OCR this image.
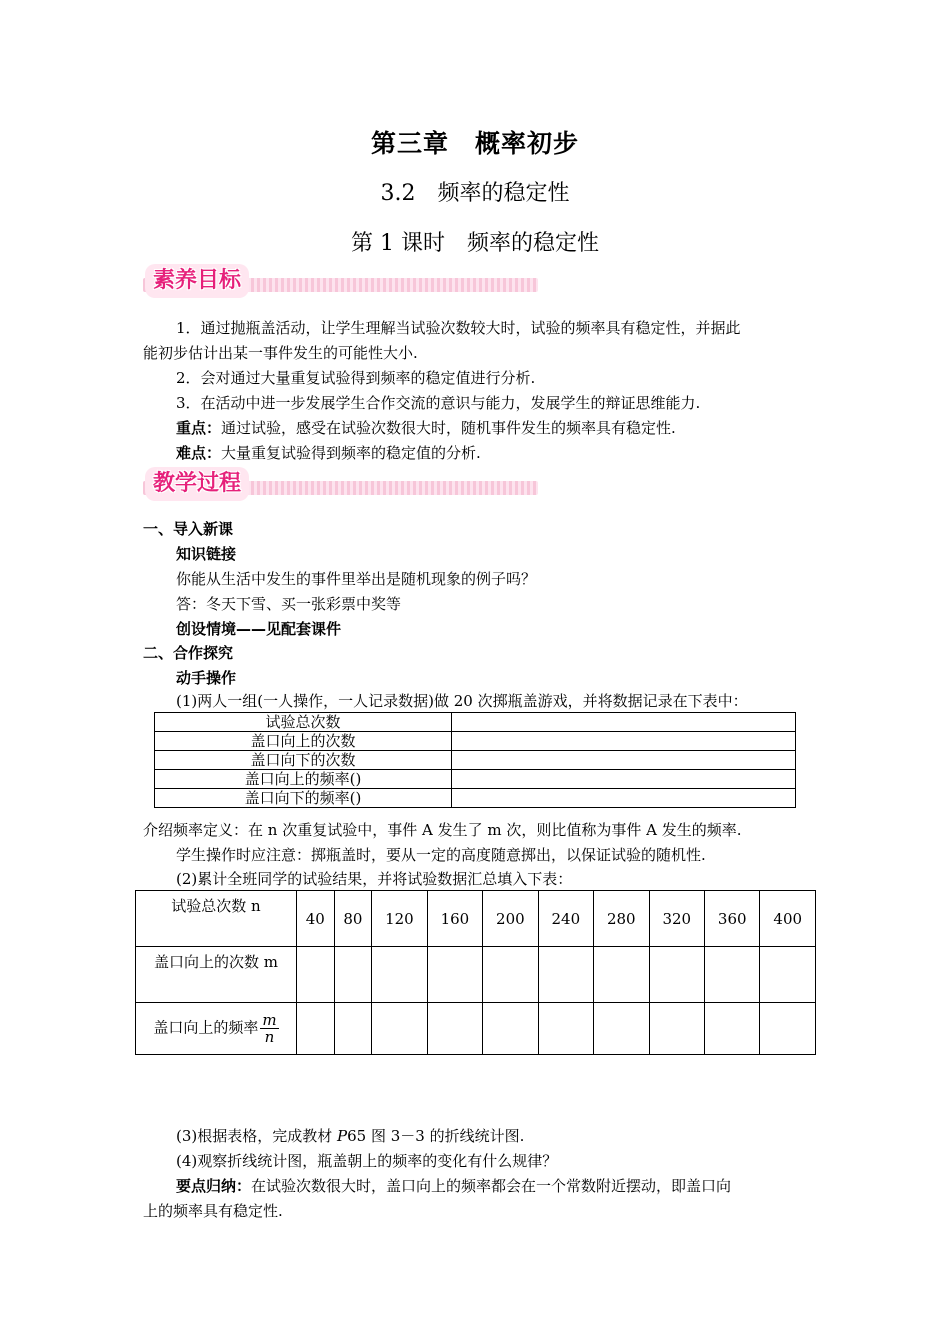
第三章　概率初步
3.2　频率的稳定性
第 1 课时　频率的稳定性
素养目标
1．通过抛瓶盖活动，让学生理解当试验次数较大时，试验的频率具有稳定性，并据此
能初步估计出某一事件发生的可能性大小.
2．会对通过大量重复试验得到频率的稳定值进行分析.
3．在活动中进一步发展学生合作交流的意识与能力，发展学生的辩证思维能力.
重点：通过试验，感受在试验次数很大时，随机事件发生的频率具有稳定性.
难点：大量重复试验得到频率的稳定值的分析.
教学过程
一、导入新课
知识链接
你能从生活中发生的事件里举出是随机现象的例子吗？
答：冬天下雪、买一张彩票中奖等
创设情境——见配套课件
二、合作探究
动手操作
(1)两人一组(一人操作，一人记录数据)做 20 次掷瓶盖游戏，并将数据记录在下表中：
试验总次数	
盖口向上的次数	
盖口向下的次数	
盖口向上的频率()	
盖口向下的频率()	
介绍频率定义：在 n 次重复试验中，事件 A 发生了 m 次，则比值称为事件 A 发生的频率.
学生操作时应注意：掷瓶盖时，要从一定的高度随意掷出，以保证试验的随机性.
(2)累计全班同学的试验结果，并将试验数据汇总填入下表：
试验总次数 n	40	80	120	160	200	240	280	320	360	400
盖口向上的次数 m										
盖口向上的频率 $\frac{m}{n}$

(3)根据表格，完成教材 P65 图 3－3 的折线统计图.
(4)观察折线统计图，瓶盖朝上的频率的变化有什么规律？
要点归纳：在试验次数很大时，盖口向上的频率都会在一个常数附近摆动，即盖口向
上的频率具有稳定性.
